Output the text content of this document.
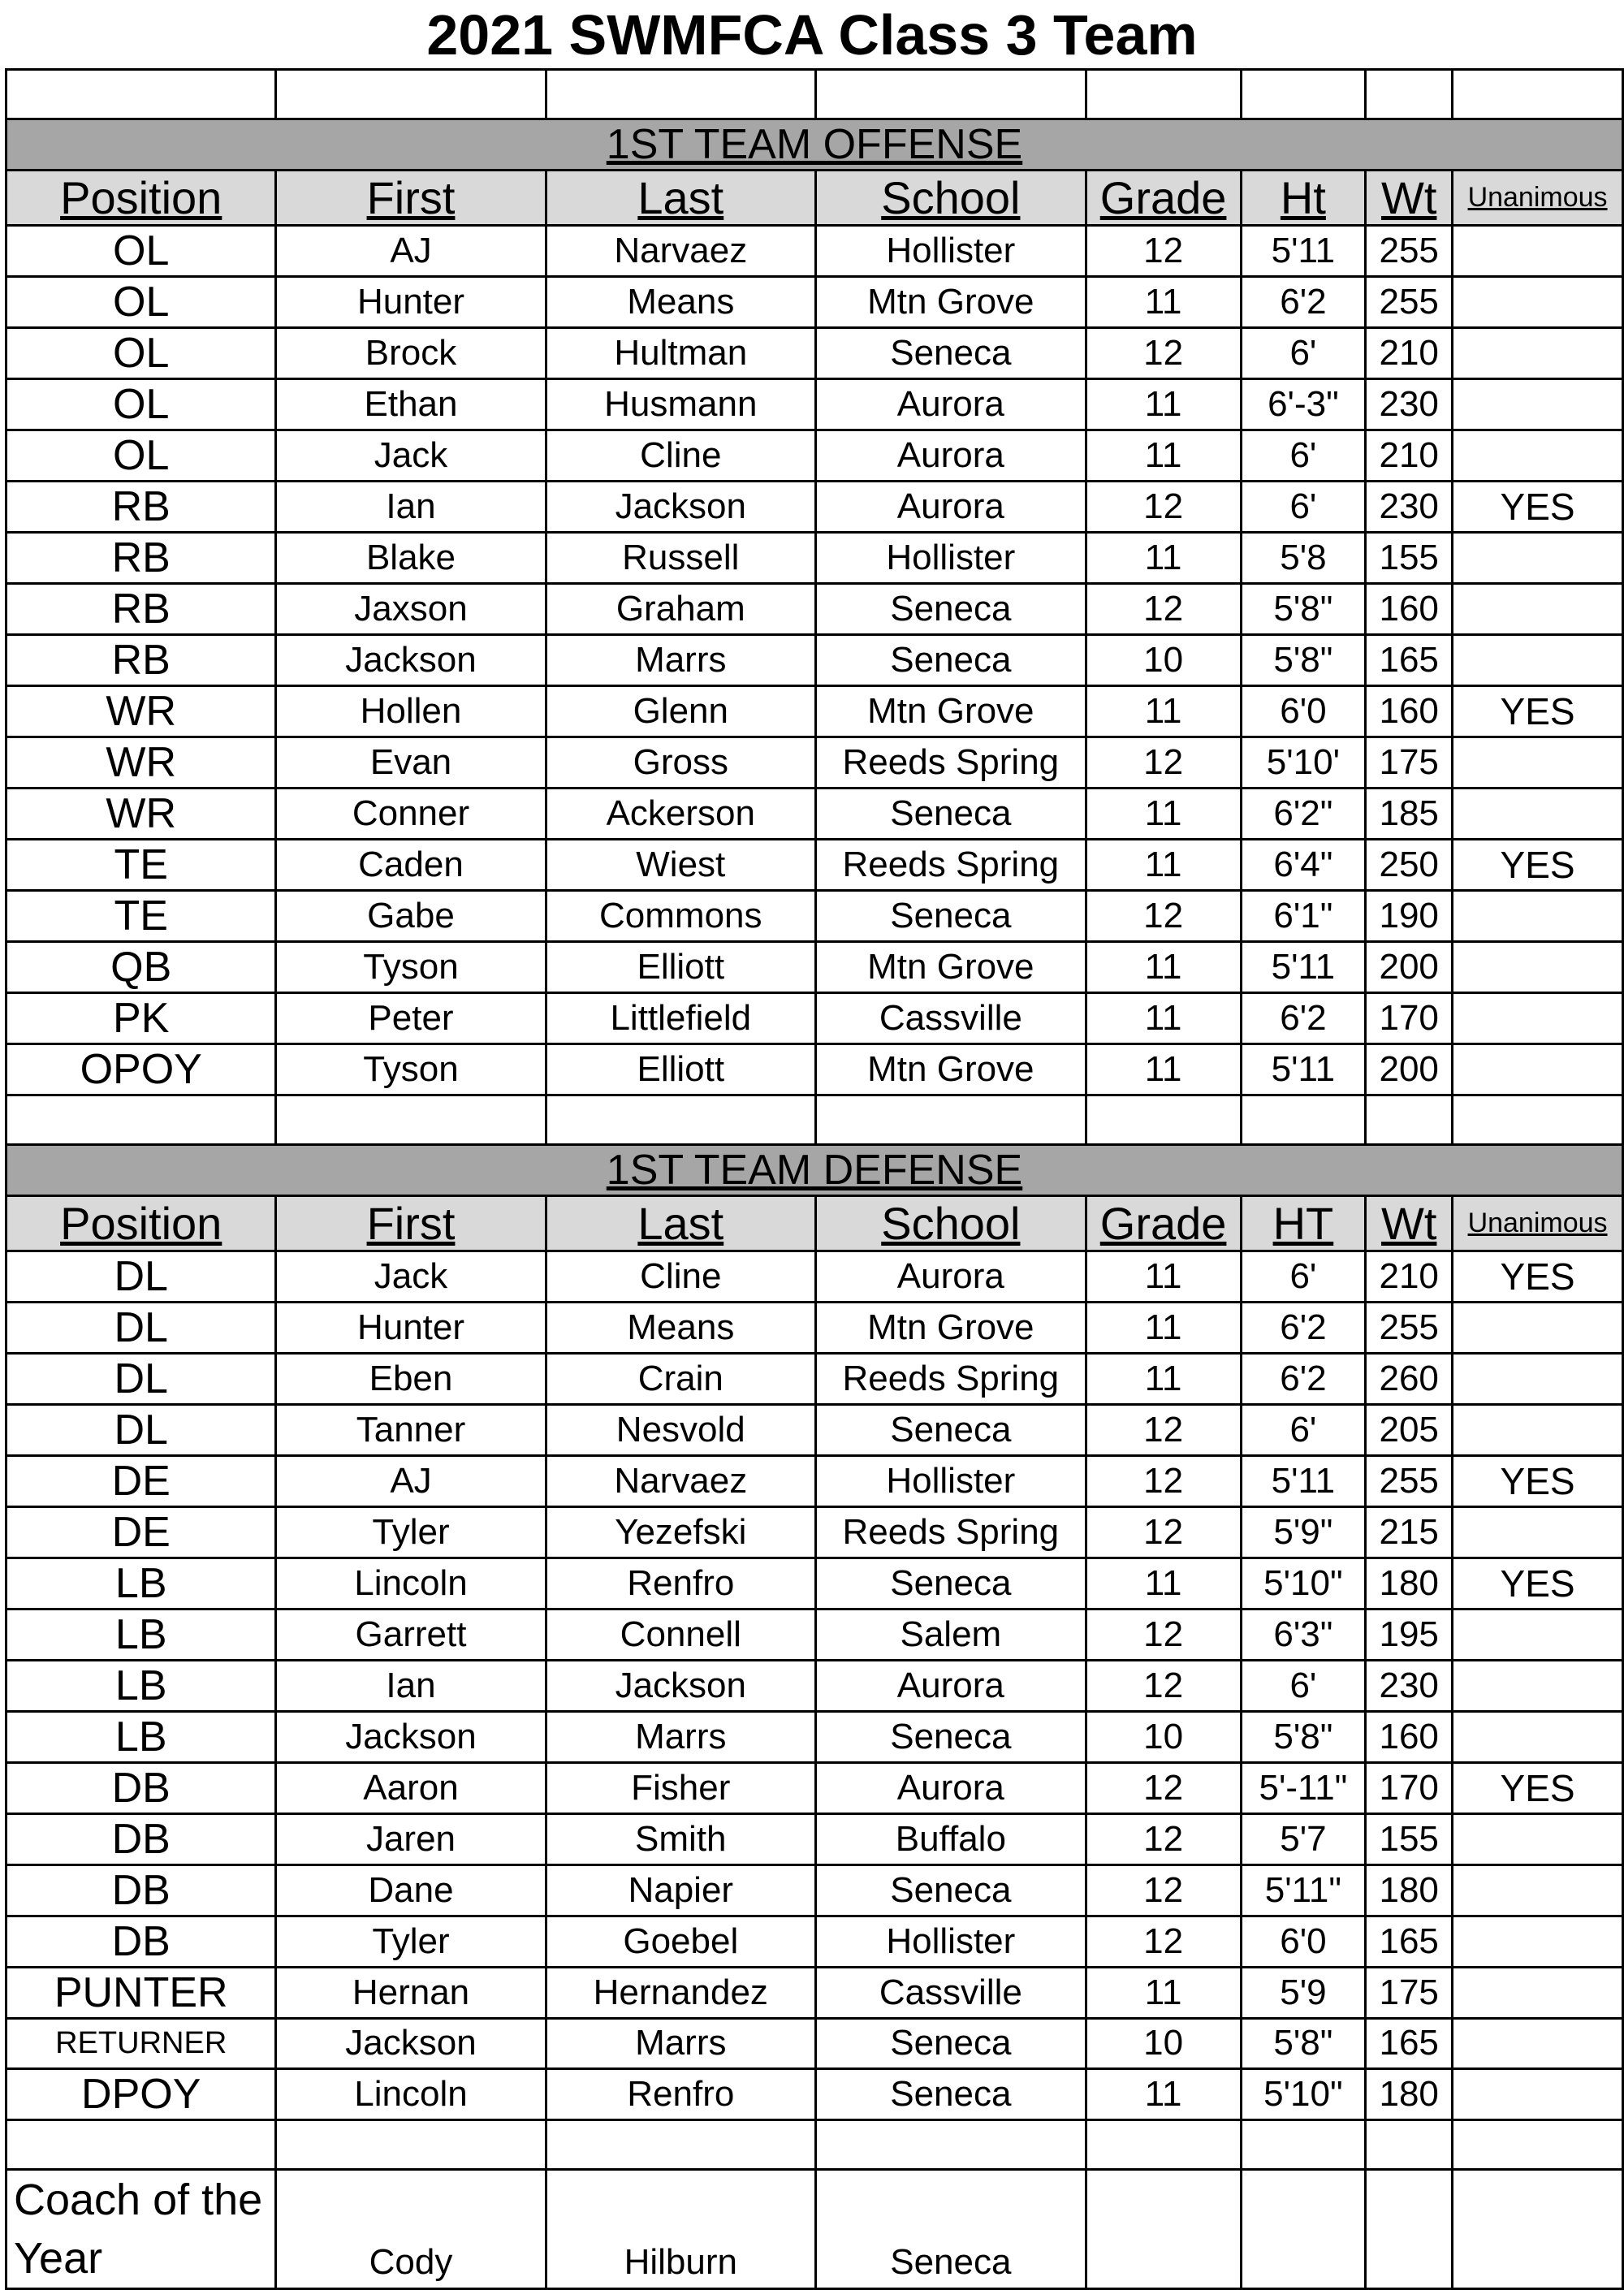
2021 SWMFCA Class 3 Team

1ST TEAM OFFENSE							
Position	First	Last	School	Grade	Ht	Wt	Unanimous
OL	AJ	Narvaez	Hollister	12	5'11	255	
OL	Hunter	Means	Mtn Grove	11	6'2	255	
OL	Brock	Hultman	Seneca	12	6'	210	
OL	Ethan	Husmann	Aurora	11	6'-3"	230	
OL	Jack	Cline	Aurora	11	6'	210	
RB	Ian	Jackson	Aurora	12	6'	230	YES
RB	Blake	Russell	Hollister	11	5'8	155	
RB	Jaxson	Graham	Seneca	12	5'8"	160	
RB	Jackson	Marrs	Seneca	10	5'8"	165	
WR	Hollen	Glenn	Mtn Grove	11	6'0	160	YES
WR	Evan	Gross	Reeds Spring	12	5'10'	175	
WR	Conner	Ackerson	Seneca	11	6'2"	185	
TE	Caden	Wiest	Reeds Spring	11	6'4"	250	YES
TE	Gabe	Commons	Seneca	12	6'1"	190	
QB	Tyson	Elliott	Mtn Grove	11	5'11	200	
PK	Peter	Littlefield	Cassville	11	6'2	170	
OPOY	Tyson	Elliott	Mtn Grove	11	5'11	200	

1ST TEAM DEFENSE							
Position	First	Last	School	Grade	HT	Wt	Unanimous
DL	Jack	Cline	Aurora	11	6'	210	YES
DL	Hunter	Means	Mtn Grove	11	6'2	255	
DL	Eben	Crain	Reeds Spring	11	6'2	260	
DL	Tanner	Nesvold	Seneca	12	6'	205	
DE	AJ	Narvaez	Hollister	12	5'11	255	YES
DE	Tyler	Yezefski	Reeds Spring	12	5'9"	215	
LB	Lincoln	Renfro	Seneca	11	5'10"	180	YES
LB	Garrett	Connell	Salem	12	6'3"	195	
LB	Ian	Jackson	Aurora	12	6'	230	
LB	Jackson	Marrs	Seneca	10	5'8"	160	
DB	Aaron	Fisher	Aurora	12	5'-11"	170	YES
DB	Jaren	Smith	Buffalo	12	5'7	155	
DB	Dane	Napier	Seneca	12	5'11"	180	
DB	Tyler	Goebel	Hollister	12	6'0	165	
PUNTER	Hernan	Hernandez	Cassville	11	5'9	175	
RETURNER	Jackson	Marrs	Seneca	10	5'8"	165	
DPOY	Lincoln	Renfro	Seneca	11	5'10"	180	

Coach of the Year	Cody	Hilburn	Seneca				
